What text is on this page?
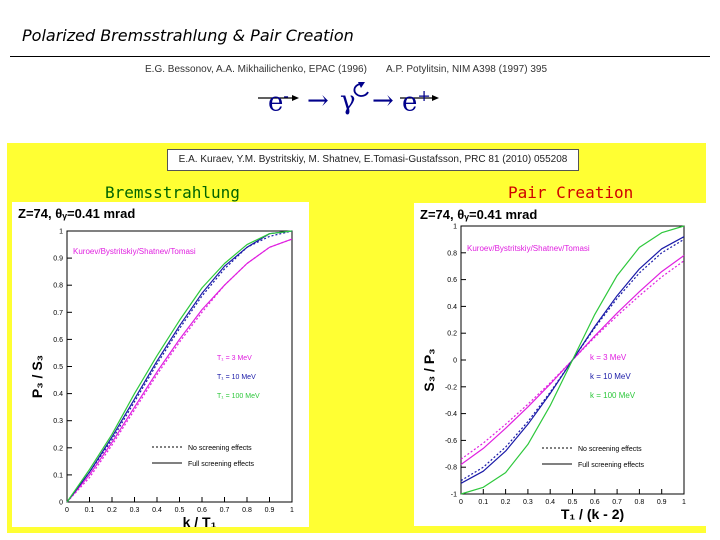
Polarized Bremsstrahlung & Pair Creation
E.G. Bessonov, A.A. Mikhailichenko, EPAC (1996) A.P. Potylitsin, NIM A398 (1997) 395
e- → γ → e+
E.A. Kuraev, Y.M. Bystritskiy, M. Shatnev, E.Tomasi-Gustafsson, PRC 81 (2010) 055208
Bremsstrahlung	Pair Creation
Z=74, θᵧ=0.41 mrad
0 0.1 0.2 0.3 0.4 0.5 0.6 0.7 0.8 0.9 1
0
0.1
0.2
0.3
0.4
0.5
0.6
0.7
0.8
0.9
1
k / T₁
P₃ / S₃
Kuroev/Bystritskiy/Shatnev/Tomasi
T₁ = 3 MeV
T₁ = 10 MeV
T₁ = 100 MeV
No screening effects
Full screening effects
Z=74, θᵧ=0.41 mrad
0 0.1 0.2 0.3 0.4 0.5 0.6 0.7 0.8 0.9 1
-1
-0.8
-0.6
-0.4
-0.2
0
0.2
0.4
0.6
0.8
1
T₁ / (k - 2)
S₃ / P₃
Kuroev/Bystritskiy/Shatnev/Tomasi
k = 3 MeV
k = 10 MeV
k = 100 MeV
No screening effects
Full screening effects
